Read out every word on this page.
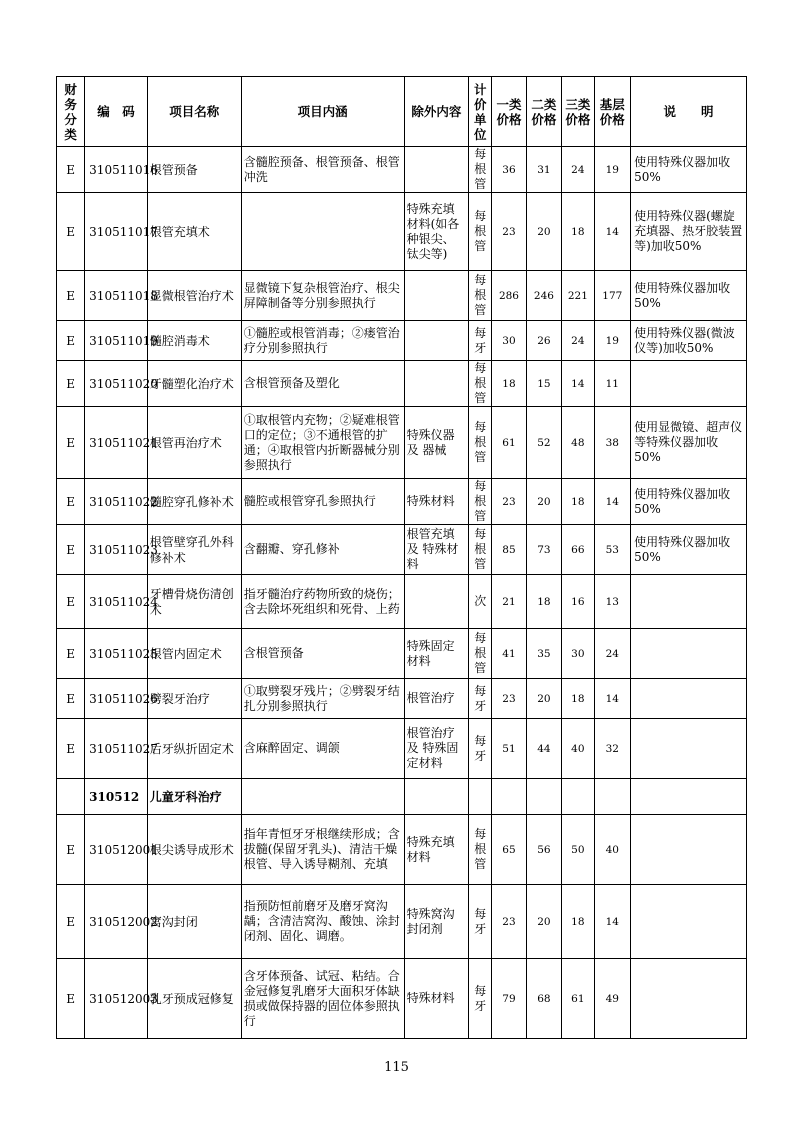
财务分类	编　码	项目名称	项目内涵	除外内容	计价单位	一类价格	二类价格	三类价格	基层价格	说　　明
E	310511016	根管预备	含髓腔预备、根管预备、根管冲洗		每根管	36	31	24	19	使用特殊仪器加收50%
E	310511017	根管充填术		特殊充填材料(如各种银尖、钛尖等)	每根管	23	20	18	14	使用特殊仪器(螺旋充填器、热牙胶装置等)加收50%
E	310511018	显微根管治疗术	显微镜下复杂根管治疗、根尖屏障制备等分别参照执行		每根管	286	246	221	177	使用特殊仪器加收50%
E	310511019	髓腔消毒术	①髓腔或根管消毒；②瘘管治疗分别参照执行		每牙	30	26	24	19	使用特殊仪器(微波仪等)加收50%
E	310511020	牙髓塑化治疗术	含根管预备及塑化		每根管	18	15	14	11	
E	310511021	根管再治疗术	①取根管内充物；②疑难根管口的定位；③不通根管的扩通；④取根管内折断器械分别参照执行	特殊仪器及 器械	每根管	61	52	48	38	使用显微镜、超声仪等特殊仪器加收50%
E	310511022	髓腔穿孔修补术	髓腔或根管穿孔参照执行	特殊材料	每根管	23	20	18	14	使用特殊仪器加收50%
E	310511023	根管壁穿孔外科修补术	含翻瓣、穿孔修补	根管充填及 特殊材料	每根管	85	73	66	53	使用特殊仪器加收50%
E	310511024	牙槽骨烧伤清创术	指牙髓治疗药物所致的烧伤；含去除坏死组织和死骨、上药		次	21	18	16	13	
E	310511025	根管内固定术	含根管预备	特殊固定材料	每根管	41	35	30	24	
E	310511026	劈裂牙治疗	①取劈裂牙残片；②劈裂牙结扎分别参照执行	根管治疗	每牙	23	20	18	14	
E	310511027	后牙纵折固定术	含麻醉固定、调颌	根管治疗及 特殊固定材料	每牙	51	44	40	32	
	310512	儿童牙科治疗								
E	310512001	根尖诱导成形术	指年青恒牙牙根继续形成；含拔髓(保留牙乳头)、清洁干燥根管、导入诱导糊剂、充填	特殊充填材料	每根管	65	56	50	40	
E	310512002	窝沟封闭	指预防恒前磨牙及磨牙窝沟龋；含清洁窝沟、酸蚀、涂封闭剂、固化、调磨。	特殊窝沟封闭剂	每牙	23	20	18	14	
E	310512003	乳牙预成冠修复	含牙体预备、试冠、粘结。合金冠修复乳磨牙大面积牙体缺损或做保持器的固位体参照执行	特殊材料	每牙	79	68	61	49	
115
